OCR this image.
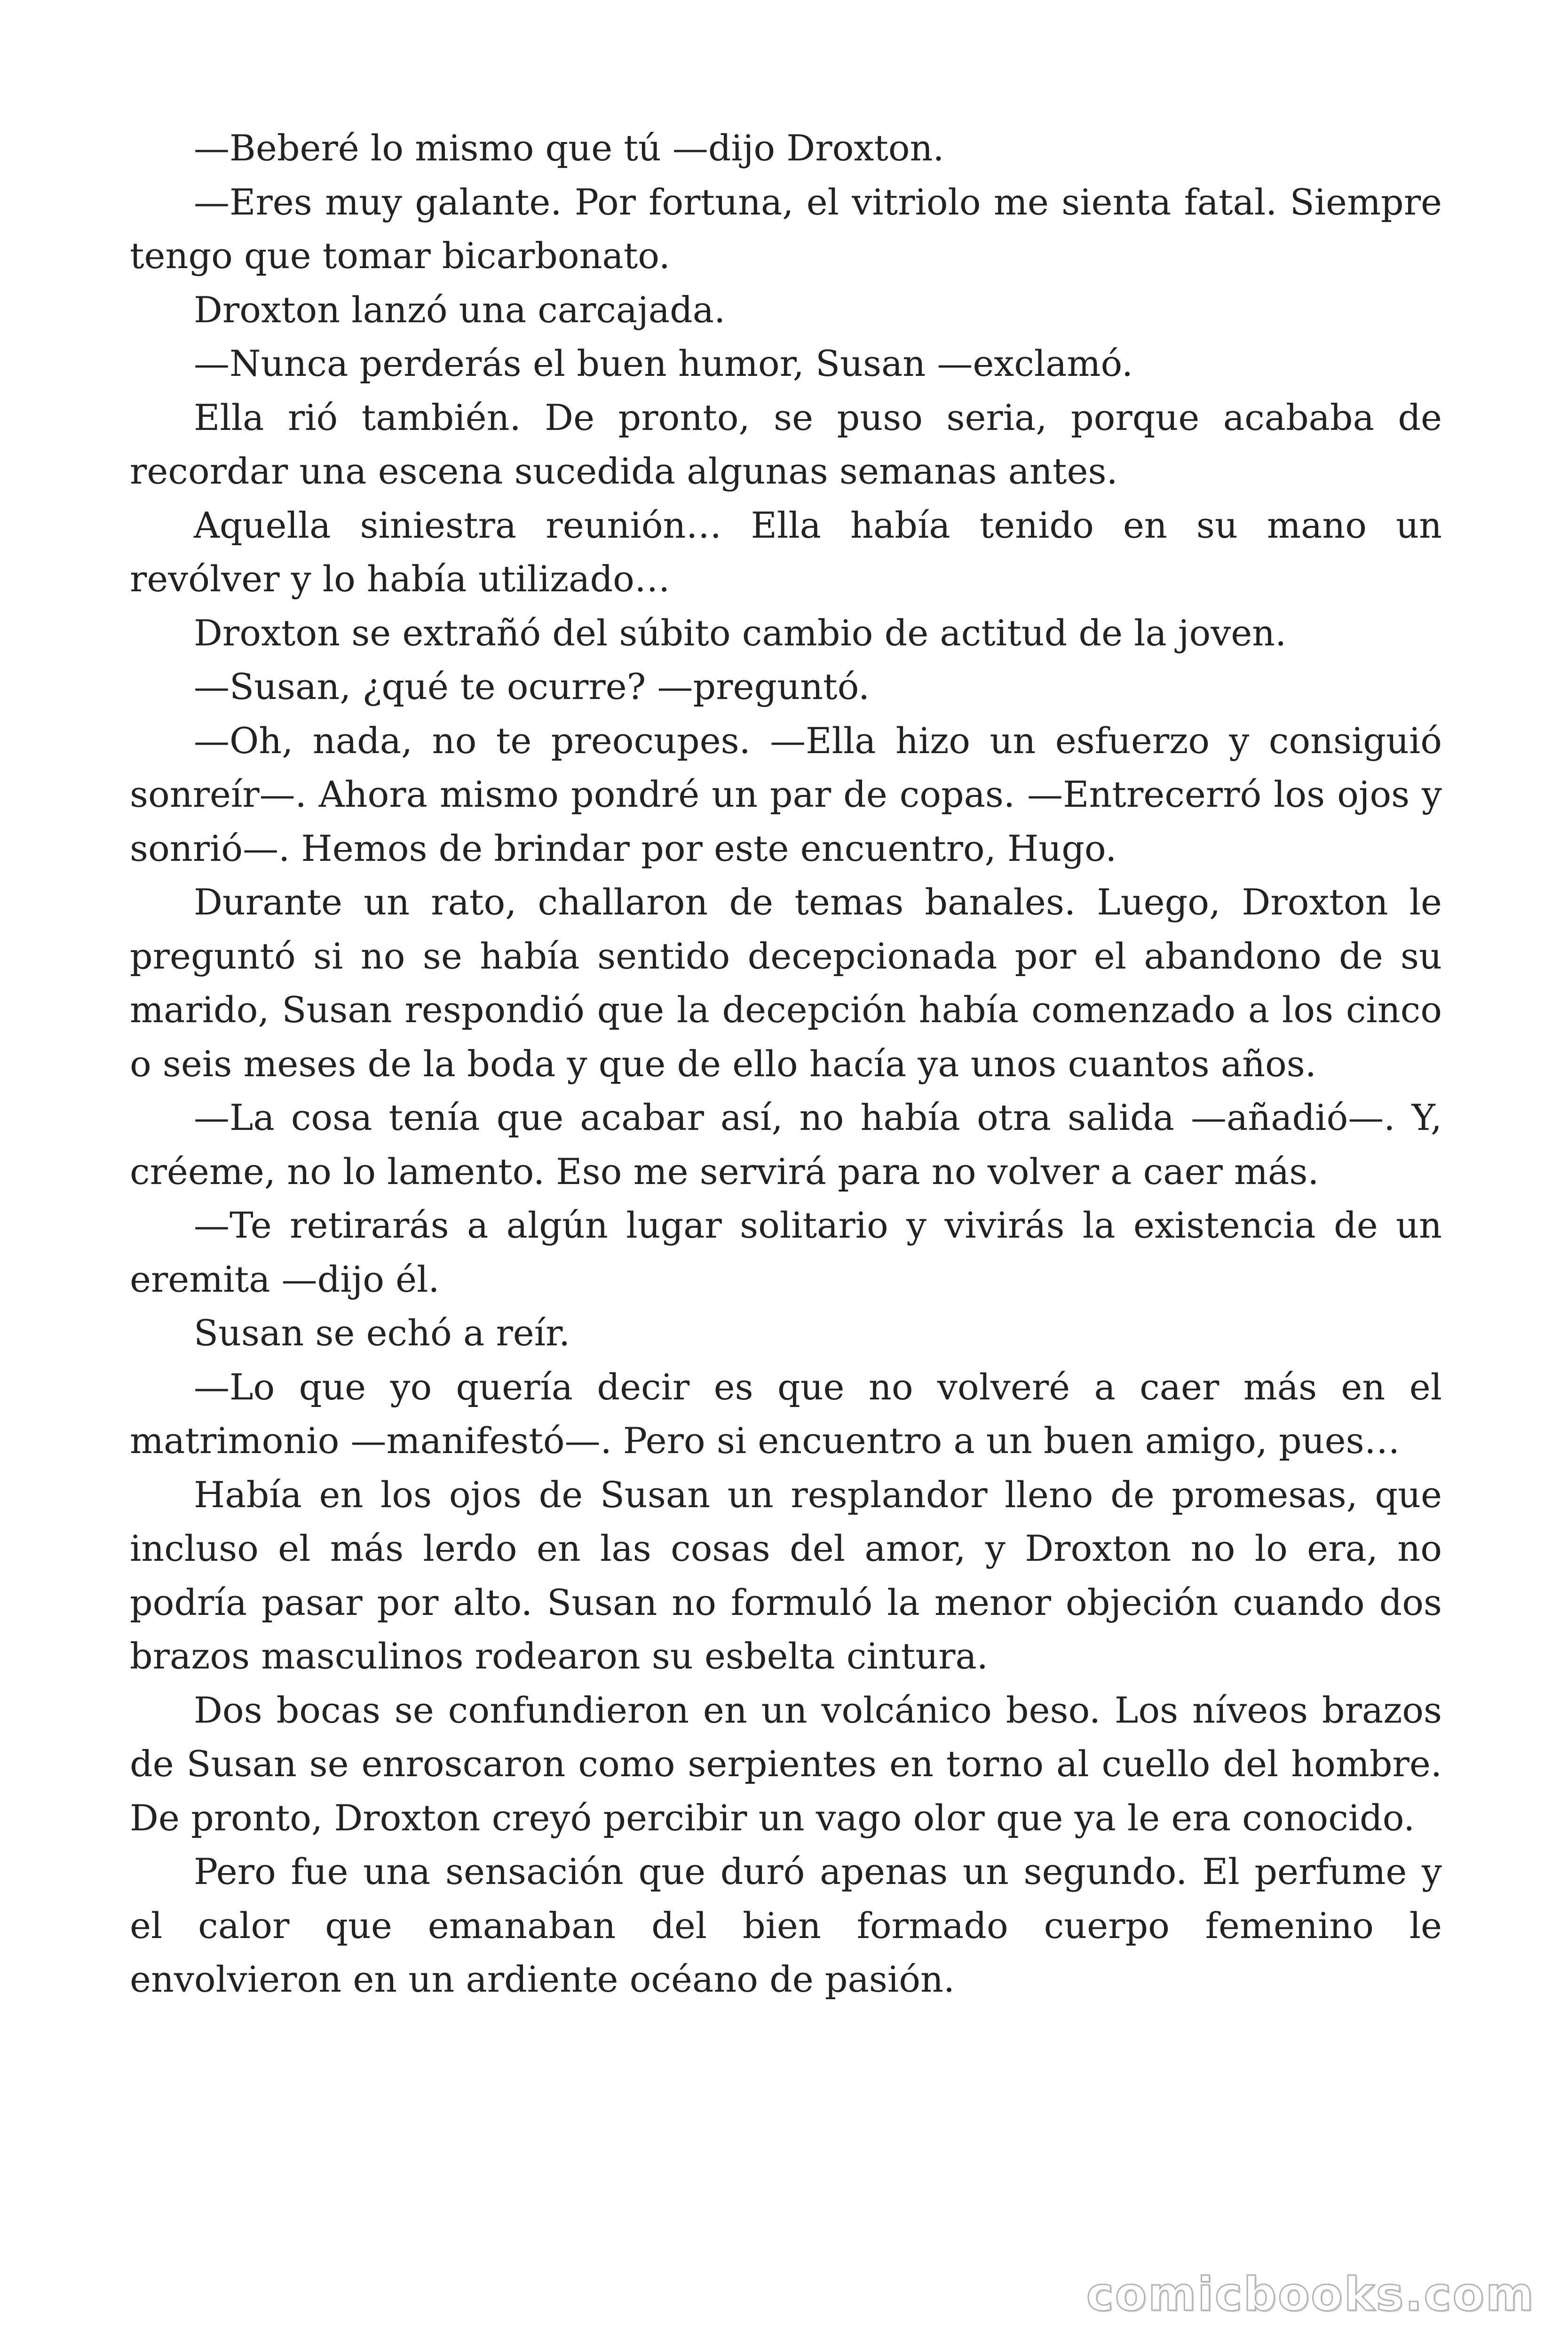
—Beberé lo mismo que tú —dijo Droxton.

—Eres muy galante. Por fortuna, el vitriolo me sienta fatal. Siempre tengo que tomar bicarbonato.

Droxton lanzó una carcajada.

—Nunca perderás el buen humor, Susan —exclamó.

Ella rió también. De pronto, se puso seria, porque acababa de recordar una escena sucedida algunas semanas antes.

Aquella siniestra reunión… Ella había tenido en su mano un revólver y lo había utilizado…

Droxton se extrañó del súbito cambio de actitud de la joven.

—Susan, ¿qué te ocurre? —preguntó.

—Oh, nada, no te preocupes. —Ella hizo un esfuerzo y consiguió sonreír—. Ahora mismo pondré un par de copas. —Entrecerró los ojos y sonrió—. Hemos de brindar por este encuentro, Hugo.

Durante un rato, challaron de temas banales. Luego, Droxton le preguntó si no se había sentido decepcionada por el abandono de su marido, Susan respondió que la decepción había comenzado a los cinco o seis meses de la boda y que de ello hacía ya unos cuantos años.

—La cosa tenía que acabar así, no había otra salida —añadió—. Y, créeme, no lo lamento. Eso me servirá para no volver a caer más.

—Te retirarás a algún lugar solitario y vivirás la existencia de un eremita —dijo él.

Susan se echó a reír.

—Lo que yo quería decir es que no volveré a caer más en el matrimonio —manifestó—. Pero si encuentro a un buen amigo, pues…

Había en los ojos de Susan un resplandor lleno de promesas, que incluso el más lerdo en las cosas del amor, y Droxton no lo era, no podría pasar por alto. Susan no formuló la menor objeción cuando dos brazos masculinos rodearon su esbelta cintura.

Dos bocas se confundieron en un volcánico beso. Los níveos brazos de Susan se enroscaron como serpientes en torno al cuello del hombre. De pronto, Droxton creyó percibir un vago olor que ya le era conocido.

Pero fue una sensación que duró apenas un segundo. El perfume y el calor que emanaban del bien formado cuerpo femenino le envolvieron en un ardiente océano de pasión.

comicbooks.com
